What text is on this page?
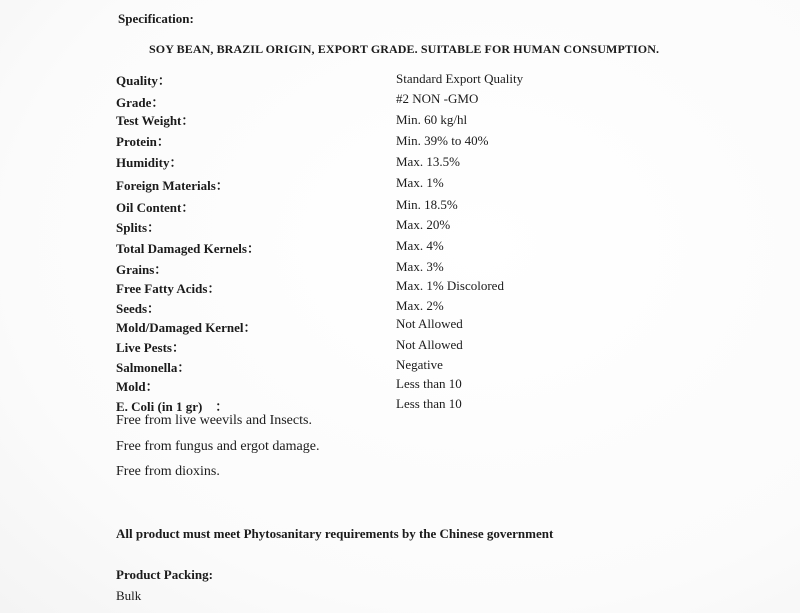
Specification:
SOY BEAN, BRAZIL ORIGIN, EXPORT GRADE. SUITABLE FOR HUMAN CONSUMPTION.
Quality：	Standard Export Quality
Grade：	#2 NON -GMO
Test Weight：	Min. 60 kg/hl
Protein：	Min. 39% to 40%
Humidity：	Max. 13.5%
Foreign Materials：	Max. 1%
Oil Content：	Min. 18.5%
Splits：	Max. 20%
Total Damaged Kernels：	Max. 4%
Grains：	Max. 3%
Free Fatty Acids：	Max. 1% Discolored
Seeds：	Max. 2%
Mold/Damaged Kernel：	Not Allowed
Live Pests：	Not Allowed
Salmonella：	Negative
Mold：	Less than 10
E. Coli (in 1 gr)　：	Less than 10
Free from live weevils and Insects.
Free from fungus and ergot damage.
Free from dioxins.
All product must meet Phytosanitary requirements by the Chinese government
Product Packing:
Bulk
